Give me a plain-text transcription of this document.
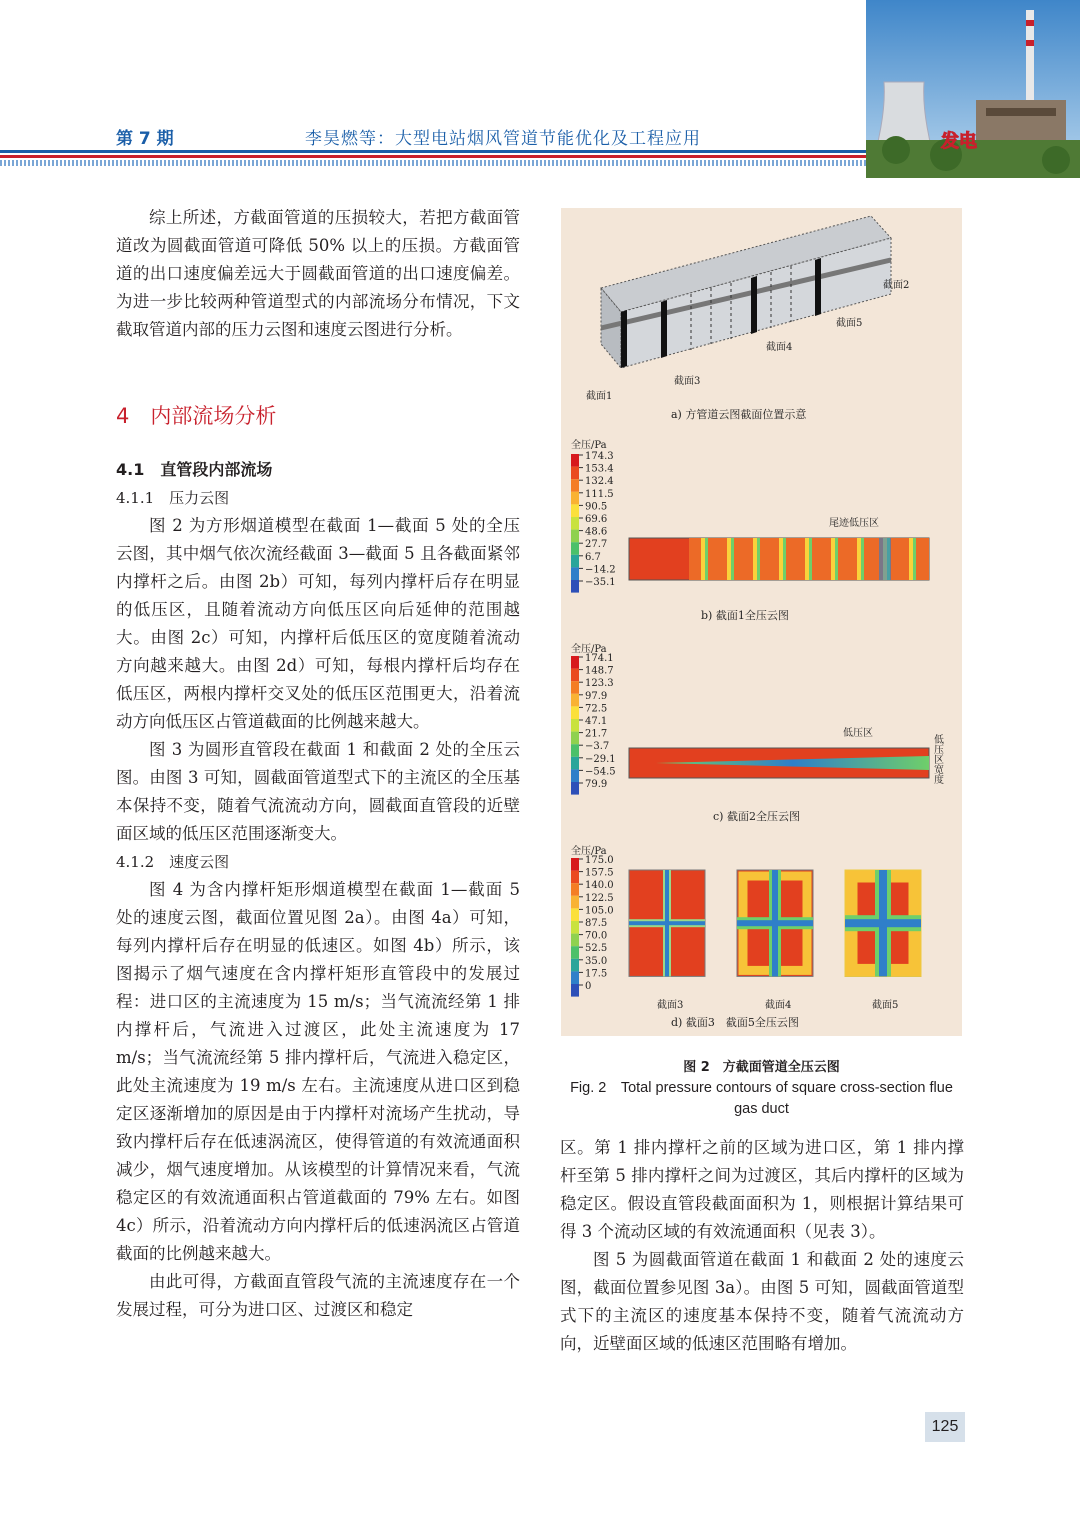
第 7 期	李昊燃等：大型电站烟风管道节能优化及工程应用	发电

综上所述，方截面管道的压损较大，若把方截面管道改为圆截面管道可降低 50% 以上的压损。方截面管道的出口速度偏差远大于圆截面管道的出口速度偏差。为进一步比较两种管道型式的内部流场分布情况，下文截取管道内部的压力云图和速度云图进行分析。

4　内部流场分析

4.1　直管段内部流场

4.1.1　压力云图

图 2 为方形烟道模型在截面 1—截面 5 处的全压云图，其中烟气依次流经截面 3—截面 5 且各截面紧邻内撑杆之后。由图 2b）可知，每列内撑杆后存在明显的低压区，且随着流动方向低压区向后延伸的范围越大。由图 2c）可知，内撑杆后低压区的宽度随着流动方向越来越大。由图 2d）可知，每根内撑杆后均存在低压区，两根内撑杆交叉处的低压区范围更大，沿着流动方向低压区占管道截面的比例越来越大。

图 3 为圆形直管段在截面 1 和截面 2 处的全压云图。由图 3 可知，圆截面管道型式下的主流区的全压基本保持不变，随着气流流动方向，圆截面直管段的近壁面区域的低压区范围逐渐变大。

4.1.2　速度云图

图 4 为含内撑杆矩形烟道模型在截面 1—截面 5 处的速度云图，截面位置见图 2a）。由图 4a）可知，每列内撑杆后存在明显的低速区。如图 4b）所示，该图揭示了烟气速度在含内撑杆矩形直管段中的发展过程：进口区的主流速度为 15 m/s；当气流流经第 1 排内撑杆后，气流进入过渡区，此处主流速度为 17 m/s；当气流流经第 5 排内撑杆后，气流进入稳定区，此处主流速度为 19 m/s 左右。主流速度从进口区到稳定区逐渐增加的原因是由于内撑杆对流场产生扰动，导致内撑杆后存在低速涡流区，使得管道的有效流通面积减少，烟气速度增加。从该模型的计算情况来看，气流稳定区的有效流通面积占管道截面的 79% 左右。如图 4c）所示，沿着流动方向内撑杆后的低速涡流区占管道截面的比例越来越大。

由此可得，方截面直管段气流的主流速度存在一个发展过程，可分为进口区、过渡区和稳定

截面2
截面5
截面4
截面3
截面1
a) 方管道云图截面位置示意
全压/Pa
174.3
153.4
132.4
111.5
90.5
69.6
48.6
27.7
6.7
−14.2
−35.1
尾迹低压区
b) 截面1全压云图
全压/Pa
174.1
148.7
123.3
97.9
72.5
47.1
21.7
−3.7
−29.1
−54.5
79.9
低压区
低压区宽度
c) 截面2全压云图
全压/Pa
175.0
157.5
140.0
122.5
105.0
87.5
70.0
52.5
35.0
17.5
0
截面3	截面4	截面5
d) 截面3　截面5全压云图
图 2　方截面管道全压云图
Fig. 2　Total pressure contours of square cross-section flue gas duct

区。第 1 排内撑杆之前的区域为进口区，第 1 排内撑杆至第 5 排内撑杆之间为过渡区，其后内撑杆的区域为稳定区。假设直管段截面面积为 1，则根据计算结果可得 3 个流动区域的有效流通面积（见表 3）。

图 5 为圆截面管道在截面 1 和截面 2 处的速度云图，截面位置参见图 3a）。由图 5 可知，圆截面管道型式下的主流区的速度基本保持不变，随着气流流动方向，近壁面区域的低速区范围略有增加。

125
